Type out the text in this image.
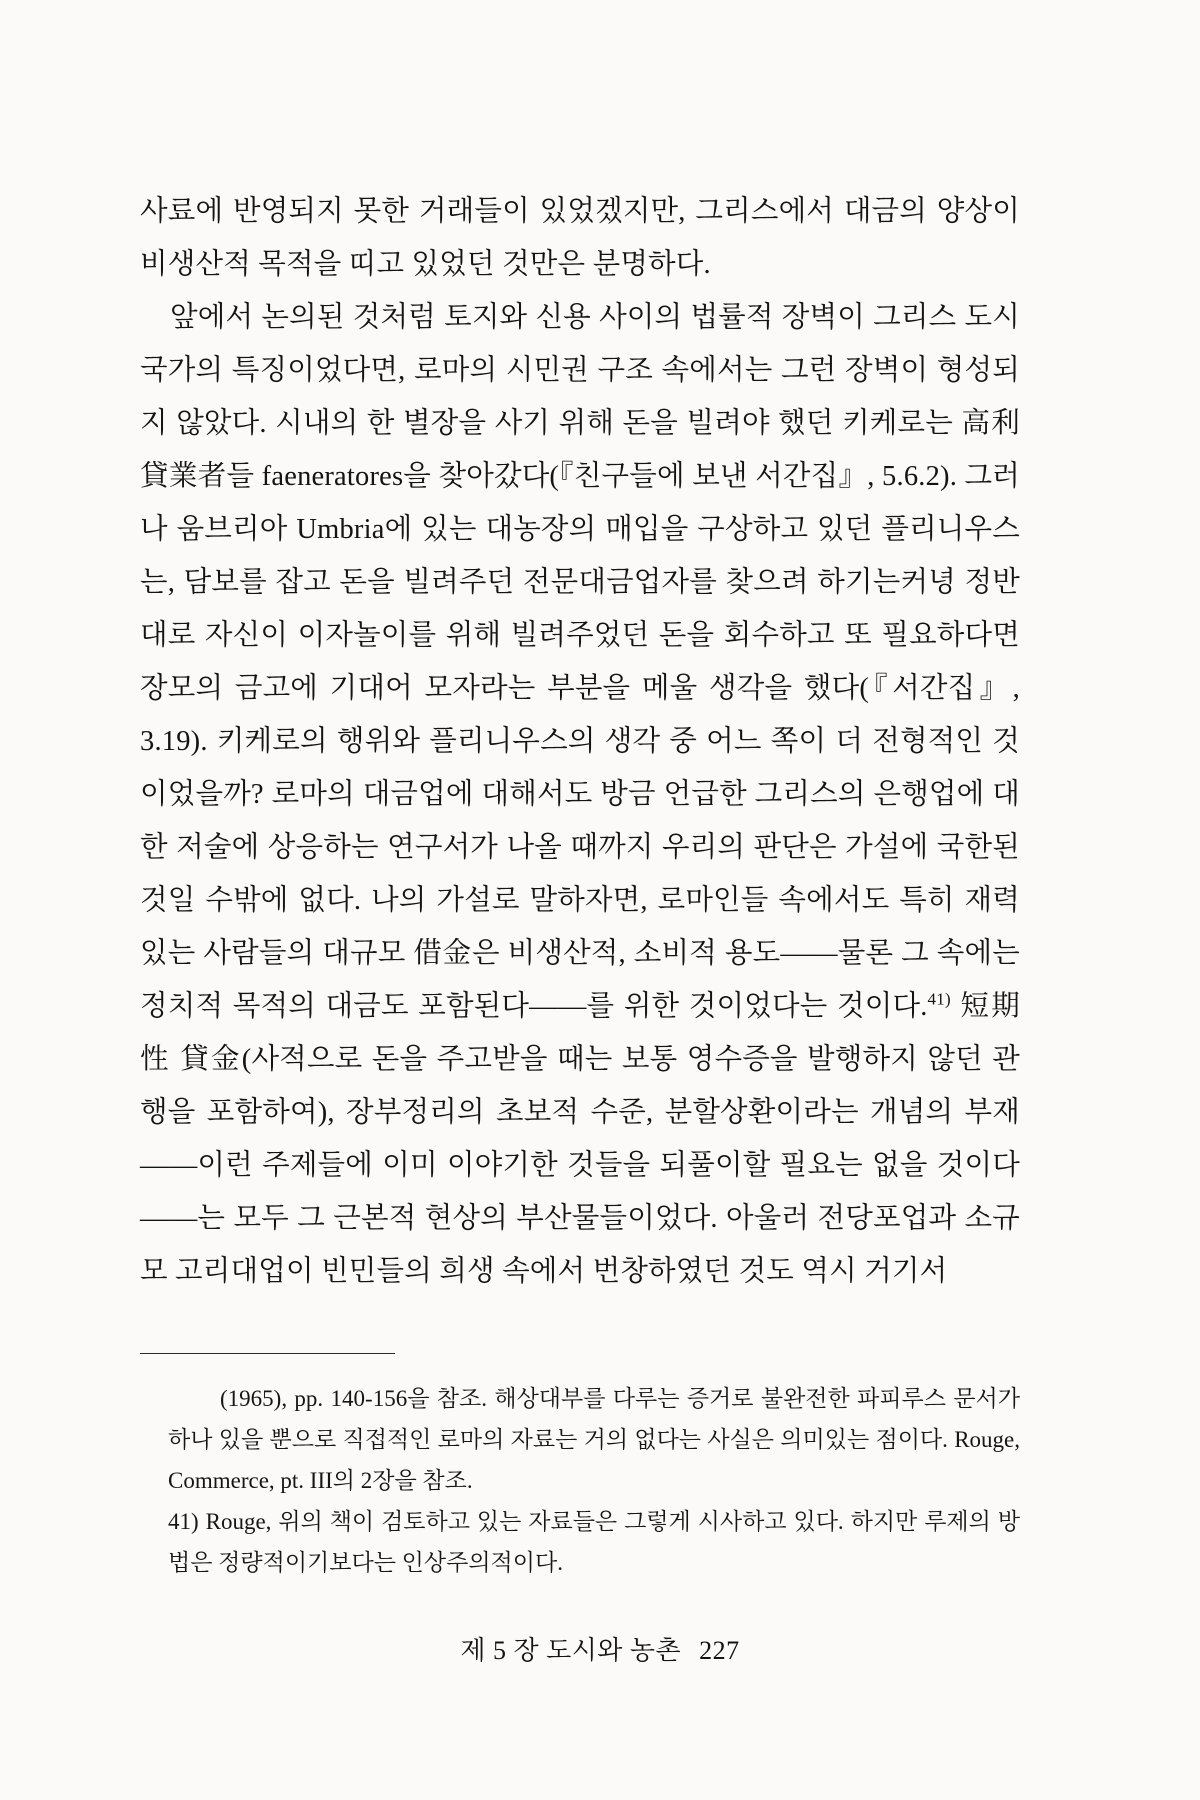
사료에 반영되지 못한 거래들이 있었겠지만, 그리스에서 대금의 양상이 비생산적 목적을 띠고 있었던 것만은 분명하다.

앞에서 논의된 것처럼 토지와 신용 사이의 법률적 장벽이 그리스 도시국가의 특징이었다면, 로마의 시민권 구조 속에서는 그런 장벽이 형성되지 않았다. 시내의 한 별장을 사기 위해 돈을 빌려야 했던 키케로는 高利貸業者들 faeneratores을 찾아갔다(『친구들에 보낸 서간집』, 5.6.2). 그러나 움브리아 Umbria에 있는 대농장의 매입을 구상하고 있던 플리니우스는, 담보를 잡고 돈을 빌려주던 전문대금업자를 찾으려 하기는커녕 정반대로 자신이 이자놀이를 위해 빌려주었던 돈을 회수하고 또 필요하다면 장모의 금고에 기대어 모자라는 부분을 메울 생각을 했다(『서간집』, 3.19). 키케로의 행위와 플리니우스의 생각 중 어느 쪽이 더 전형적인 것이었을까? 로마의 대금업에 대해서도 방금 언급한 그리스의 은행업에 대한 저술에 상응하는 연구서가 나올 때까지 우리의 판단은 가설에 국한된 것일 수밖에 없다. 나의 가설로 말하자면, 로마인들 속에서도 특히 재력 있는 사람들의 대규모 借金은 비생산적, 소비적 용도——물론 그 속에는 정치적 목적의 대금도 포함된다——를 위한 것이었다는 것이다.$^{41)}$ 短期性 貸金(사적으로 돈을 주고받을 때는 보통 영수증을 발행하지 않던 관행을 포함하여), 장부정리의 초보적 수준, 분할상환이라는 개념의 부재——이런 주제들에 이미 이야기한 것들을 되풀이할 필요는 없을 것이다——는 모두 그 근본적 현상의 부산물들이었다. 아울러 전당포업과 소규모 고리대업이 빈민들의 희생 속에서 번창하였던 것도 역시 거기서

(1965), pp. 140-156을 참조. 해상대부를 다루는 증거로 불완전한 파피루스 문서가 하나 있을 뿐으로 직접적인 로마의 자료는 거의 없다는 사실은 의미있는 점이다. Rouge, Commerce, pt. III의 2장을 참조.

41) Rouge, 위의 책이 검토하고 있는 자료들은 그렇게 시사하고 있다. 하지만 루제의 방법은 정량적이기보다는 인상주의적이다.

제 5 장 도시와 농촌 227
